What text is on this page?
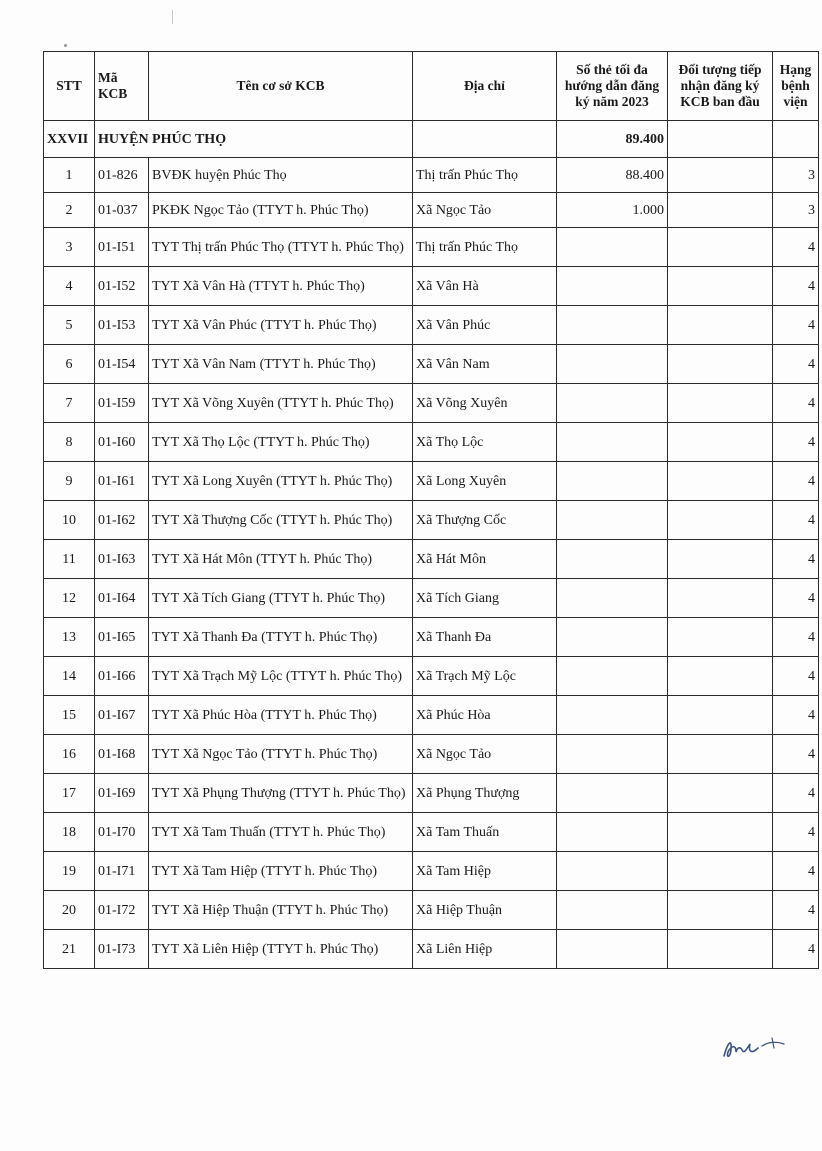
STT	Mã KCB	Tên cơ sở KCB	Địa chỉ	Số thẻ tối đa hướng dẫn đăng ký năm 2023	Đối tượng tiếp nhận đăng ký KCB ban đầu	Hạng bệnh viện
XXVII	HUYỆN PHÚC THỌ			89.400		
1	01-826	BVĐK huyện Phúc Thọ	Thị trấn Phúc Thọ	88.400		3
2	01-037	PKĐK Ngọc Tảo (TTYT h. Phúc Thọ)	Xã Ngọc Tảo	1.000		3
3	01-I51	TYT Thị trấn Phúc Thọ (TTYT h. Phúc Thọ)	Thị trấn Phúc Thọ			4
4	01-I52	TYT Xã Vân Hà (TTYT h. Phúc Thọ)	Xã Vân Hà			4
5	01-I53	TYT Xã Vân Phúc (TTYT h. Phúc Thọ)	Xã Vân Phúc			4
6	01-I54	TYT Xã Vân Nam (TTYT h. Phúc Thọ)	Xã Vân Nam			4
7	01-I59	TYT Xã Võng Xuyên (TTYT h. Phúc Thọ)	Xã Võng Xuyên			4
8	01-I60	TYT Xã Thọ Lộc (TTYT h. Phúc Thọ)	Xã Thọ Lộc			4
9	01-I61	TYT Xã Long Xuyên (TTYT h. Phúc Thọ)	Xã Long Xuyên			4
10	01-I62	TYT Xã Thượng Cốc (TTYT h. Phúc Thọ)	Xã Thượng Cốc			4
11	01-I63	TYT Xã Hát Môn (TTYT h. Phúc Thọ)	Xã Hát Môn			4
12	01-I64	TYT Xã Tích Giang (TTYT h. Phúc Thọ)	Xã Tích Giang			4
13	01-I65	TYT Xã Thanh Đa (TTYT h. Phúc Thọ)	Xã Thanh Đa			4
14	01-I66	TYT Xã Trạch Mỹ Lộc (TTYT h. Phúc Thọ)	Xã Trạch Mỹ Lộc			4
15	01-I67	TYT Xã Phúc Hòa (TTYT h. Phúc Thọ)	Xã Phúc Hòa			4
16	01-I68	TYT Xã Ngọc Tảo (TTYT h. Phúc Thọ)	Xã Ngọc Tảo			4
17	01-I69	TYT Xã Phụng Thượng (TTYT h. Phúc Thọ)	Xã Phụng Thượng			4
18	01-I70	TYT Xã Tam Thuấn (TTYT h. Phúc Thọ)	Xã Tam Thuấn			4
19	01-I71	TYT Xã Tam Hiệp (TTYT h. Phúc Thọ)	Xã Tam Hiệp			4
20	01-I72	TYT Xã Hiệp Thuận (TTYT h. Phúc Thọ)	Xã Hiệp Thuận			4
21	01-I73	TYT Xã Liên Hiệp (TTYT h. Phúc Thọ)	Xã Liên Hiệp			4
